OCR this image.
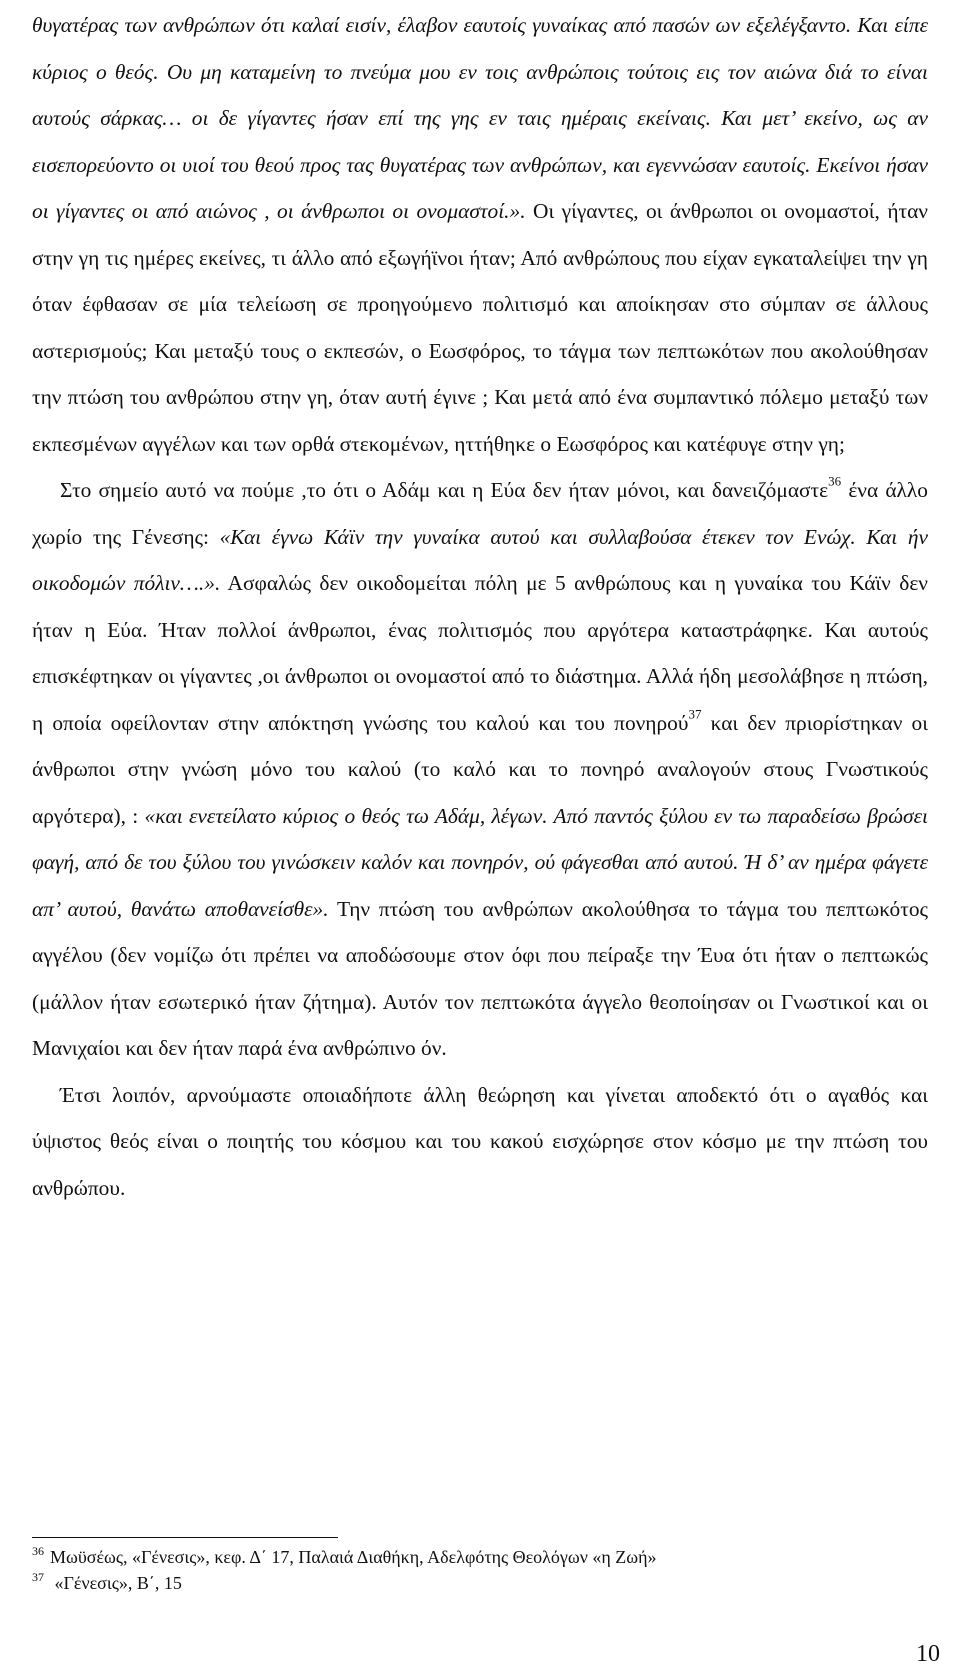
θυγατέρας των ανθρώπων ότι καλαί εισίν, έλαβον εαυτοίς γυναίκας από πασών ων εξελέγξαντο. Και είπε κύριος ο θεός. Ου μη καταμείνη το πνεύμα μου εν τοις ανθρώποις τούτοις εις τον αιώνα διά το είναι αυτούς σάρκας… οι δε γίγαντες ήσαν επί της γης εν ταις ημέραις εκείναις. Και μετ’ εκείνο, ως αν εισεπορεύοντο οι υιοί του θεού προς τας θυγατέρας των ανθρώπων, και εγεννώσαν εαυτοίς. Εκείνοι ήσαν οι γίγαντες οι από αιώνος , οι άνθρωποι οι ονομαστοί.». Οι γίγαντες, οι άνθρωποι οι ονομαστοί, ήταν στην γη τις ημέρες εκείνες, τι άλλο από εξωγήϊνοι ήταν; Από ανθρώπους που είχαν εγκαταλείψει την γη όταν έφθασαν σε μία τελείωση σε προηγούμενο πολιτισμό και αποίκησαν στο σύμπαν σε άλλους αστερισμούς; Και μεταξύ τους ο εκπεσών, ο Εωσφόρος, το τάγμα των πεπτωκότων που ακολούθησαν την πτώση του ανθρώπου στην γη, όταν αυτή έγινε ; Και μετά από ένα συμπαντικό πόλεμο μεταξύ των εκπεσμένων αγγέλων και των ορθά στεκομένων, ηττήθηκε ο Εωσφόρος και κατέφυγε στην γη;

Στο σημείο αυτό να πούμε ,το ότι ο Αδάμ και η Εύα δεν ήταν μόνοι, και δανειζόμαστε$^{36}$ ένα άλλο χωρίο της Γένεσης: «Και έγνω Κάϊν την γυναίκα αυτού και συλλαβούσα έτεκεν τον Ενώχ. Και ήν οικοδομών πόλιν….». Ασφαλώς δεν οικοδομείται πόλη με 5 ανθρώπους και η γυναίκα του Κάϊν δεν ήταν η Εύα. Ήταν πολλοί άνθρωποι, ένας πολιτισμός που αργότερα καταστράφηκε. Και αυτούς επισκέφτηκαν οι γίγαντες ,οι άνθρωποι οι ονομαστοί από το διάστημα. Αλλά ήδη μεσολάβησε η πτώση, η οποία οφείλονταν στην απόκτηση γνώσης του καλού και του πονηρού$^{37}$ και δεν πριορίστηκαν οι άνθρωποι στην γνώση μόνο του καλού (το καλό και το πονηρό αναλογούν στους Γνωστικούς αργότερα), : «και ενετείλατο κύριος ο θεός τω Αδάμ, λέγων. Από παντός ξύλου εν τω παραδείσω βρώσει φαγή, από δε του ξύλου του γινώσκειν καλόν και πονηρόν, ού φάγεσθαι από αυτού. Ή δ’ αν ημέρα φάγετε απ’ αυτού, θανάτω αποθανείσθε». Την πτώση του ανθρώπων ακολούθησα το τάγμα του πεπτωκότος αγγέλου (δεν νομίζω ότι πρέπει να αποδώσουμε στον όφι που πείραξε την Έυα ότι ήταν ο πεπτωκώς (μάλλον ήταν εσωτερικό ήταν ζήτημα). Αυτόν τον πεπτωκότα άγγελο θεοποίησαν οι Γνωστικοί και οι Μανιχαίοι και δεν ήταν παρά ένα ανθρώπινο όν.

Έτσι λοιπόν, αρνούμαστε οποιαδήποτε άλλη θεώρηση και γίνεται αποδεκτό ότι ο αγαθός και ύψιστος θεός είναι ο ποιητής του κόσμου και του κακού εισχώρησε στον κόσμο με την πτώση του ανθρώπου.

$^{36}$ Μωϋσέως, «Γένεσις», κεφ. Δ΄ 17, Παλαιά Διαθήκη, Αδελφότης Θεολόγων «η Ζωή»

$^{37}$ «Γένεσις», Β΄, 15

10
